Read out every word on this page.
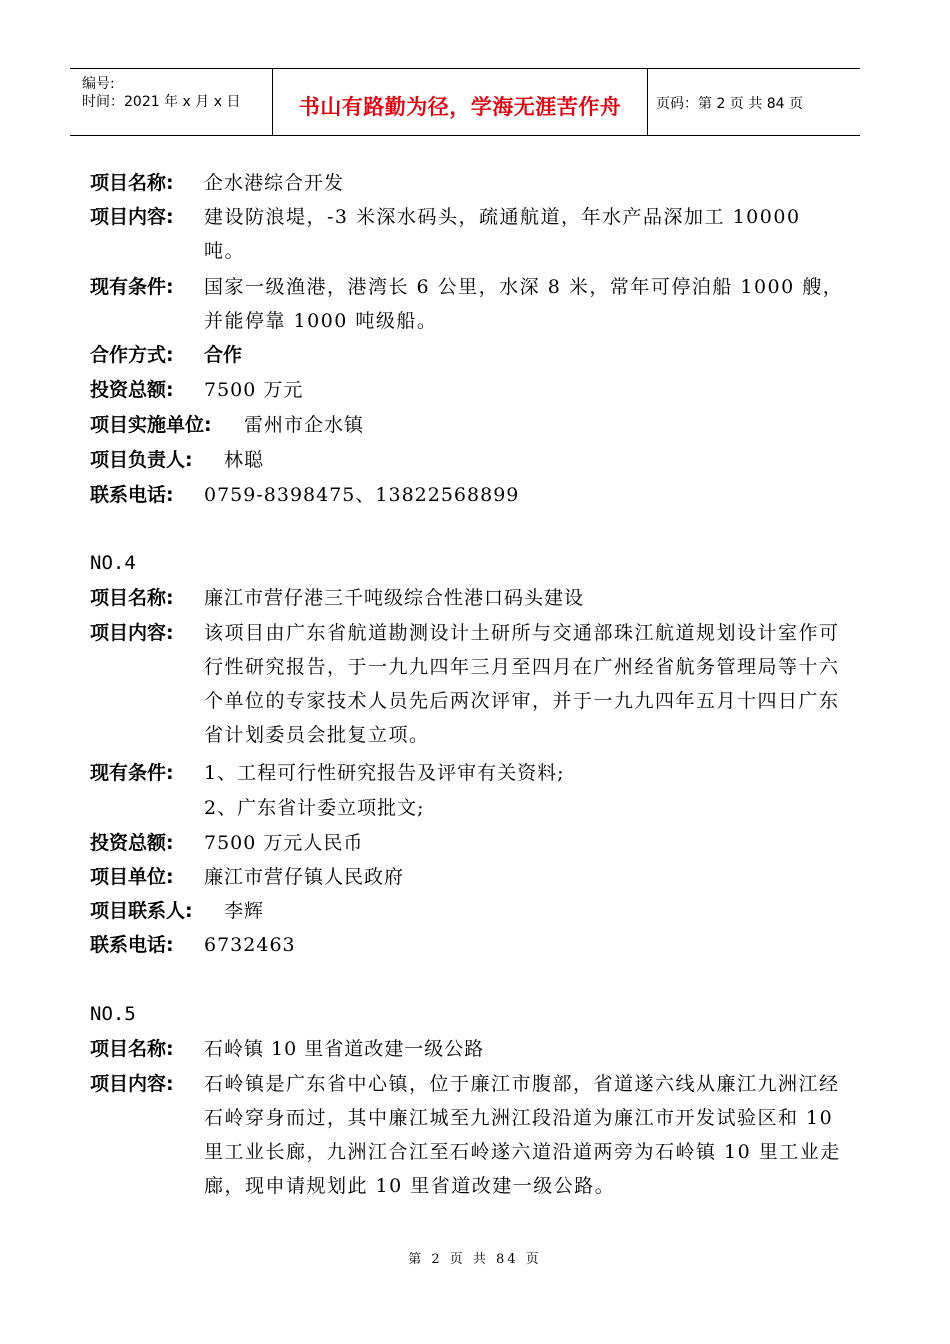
编号:
时间：2021 年 x 月 x 日	书山有路勤为径，学海无涯苦作舟	页码：第 2 页 共 84 页
项目名称: 企水港综合开发
项目内容: 建设防浪堤，-3 米深水码头，疏通航道，年水产品深加工 10000 吨。
现有条件: 国家一级渔港，港湾长 6 公里，水深 8 米，常年可停泊船 1000 艘，并能停靠 1000 吨级船。
合作方式: 合作
投资总额: 7500 万元
项目实施单位: 雷州市企水镇
项目负责人: 林聪
联系电话: 0759-8398475、13822568899
NO.4
项目名称: 廉江市营仔港三千吨级综合性港口码头建设
项目内容: 该项目由广东省航道勘测设计土研所与交通部珠江航道规划设计室作可行性研究报告，于一九九四年三月至四月在广州经省航务管理局等十六个单位的专家技术人员先后两次评审，并于一九九四年五月十四日广东省计划委员会批复立项。
现有条件: 1、工程可行性研究报告及评审有关资料;
2、广东省计委立项批文;
投资总额: 7500 万元人民币
项目单位: 廉江市营仔镇人民政府
项目联系人: 李辉
联系电话: 6732463
NO.5
项目名称: 石岭镇 10 里省道改建一级公路
项目内容: 石岭镇是广东省中心镇，位于廉江市腹部，省道遂六线从廉江九洲江经石岭穿身而过，其中廉江城至九洲江段沿道为廉江市开发试验区和 10 里工业长廊，九洲江合江至石岭遂六道沿道两旁为石岭镇 10 里工业走廊，现申请规划此 10 里省道改建一级公路。
第 2 页 共 84 页
